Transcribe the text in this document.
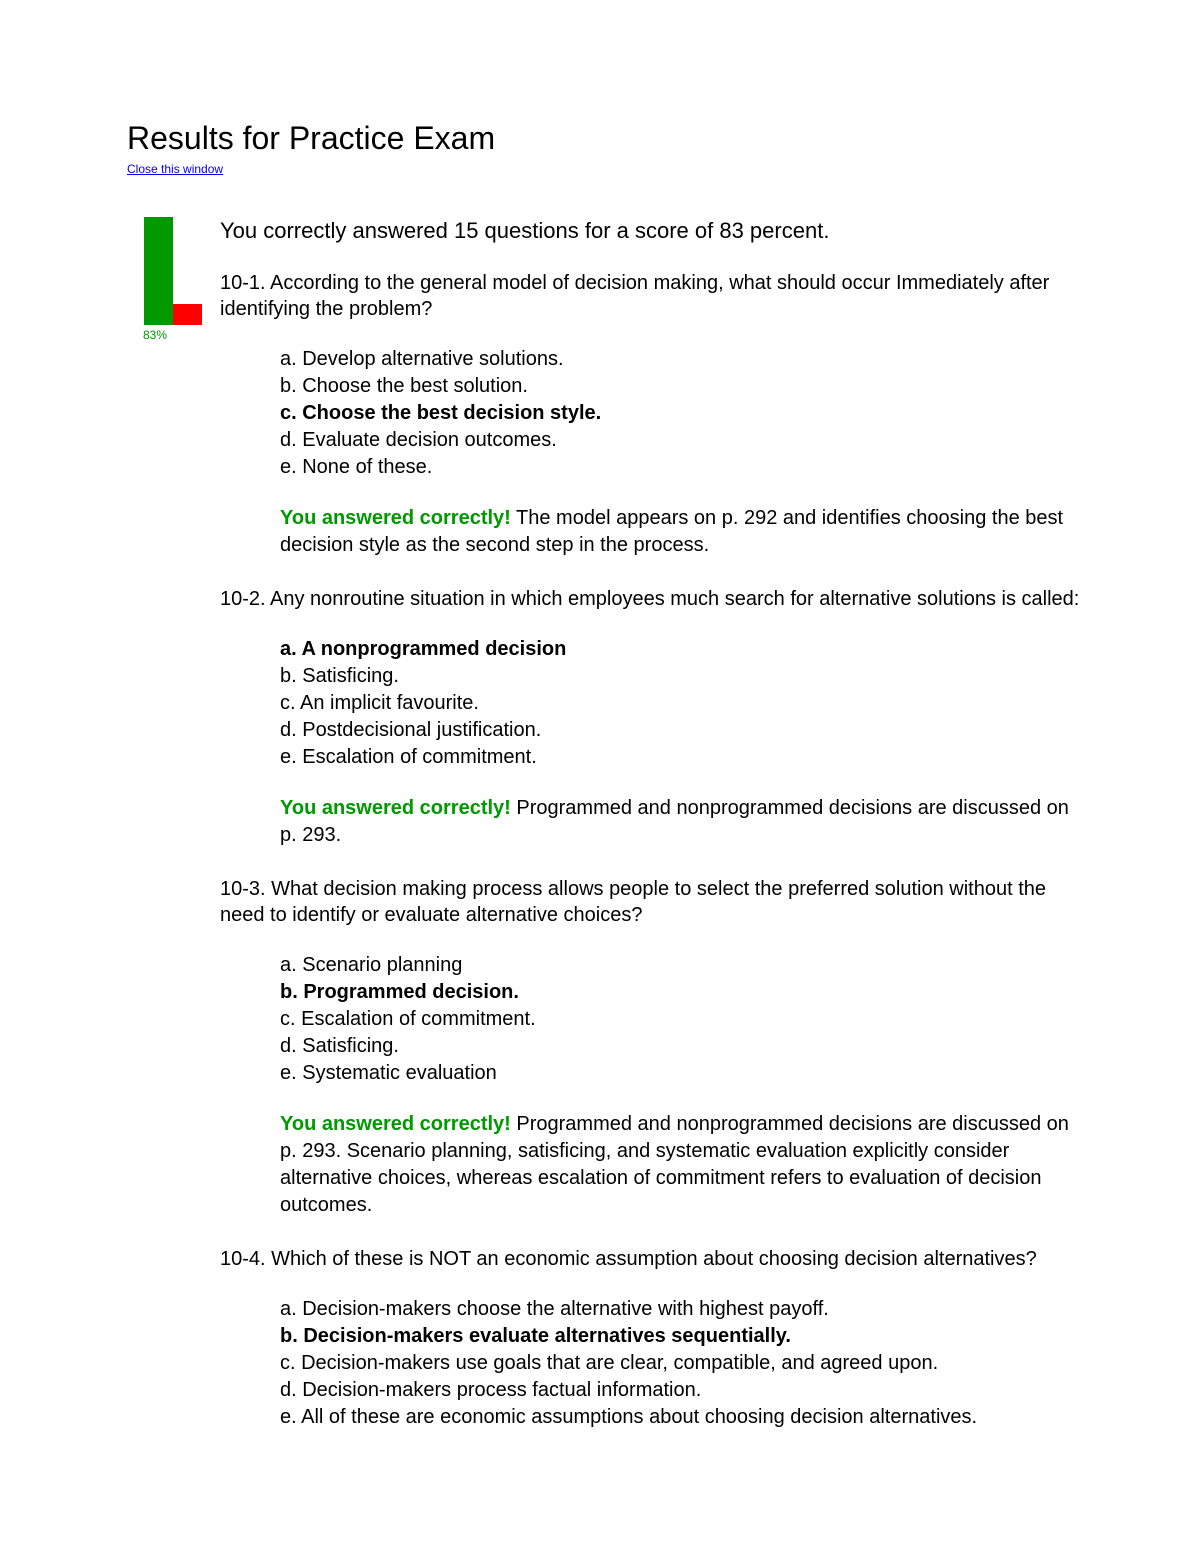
Results for Practice Exam
Close this window
83%
You correctly answered 15 questions for a score of 83 percent.

10-1. According to the general model of decision making, what should occur Immediately after identifying the problem?

a. Develop alternative solutions.
b. Choose the best solution.
c. Choose the best decision style.
d. Evaluate decision outcomes.
e. None of these.

You answered correctly! The model appears on p. 292 and identifies choosing the best decision style as the second step in the process.

10-2. Any nonroutine situation in which employees much search for alternative solutions is called:

a. A nonprogrammed decision
b. Satisficing.
c. An implicit favourite.
d. Postdecisional justification.
e. Escalation of commitment.

You answered correctly! Programmed and nonprogrammed decisions are discussed on p. 293.

10-3. What decision making process allows people to select the preferred solution without the need to identify or evaluate alternative choices?

a. Scenario planning
b. Programmed decision.
c. Escalation of commitment.
d. Satisficing.
e. Systematic evaluation

You answered correctly! Programmed and nonprogrammed decisions are discussed on p. 293. Scenario planning, satisficing, and systematic evaluation explicitly consider alternative choices, whereas escalation of commitment refers to evaluation of decision outcomes.

10-4. Which of these is NOT an economic assumption about choosing decision alternatives?

a. Decision-makers choose the alternative with highest payoff.
b. Decision-makers evaluate alternatives sequentially.
c. Decision-makers use goals that are clear, compatible, and agreed upon.
d. Decision-makers process factual information.
e. All of these are economic assumptions about choosing decision alternatives.
